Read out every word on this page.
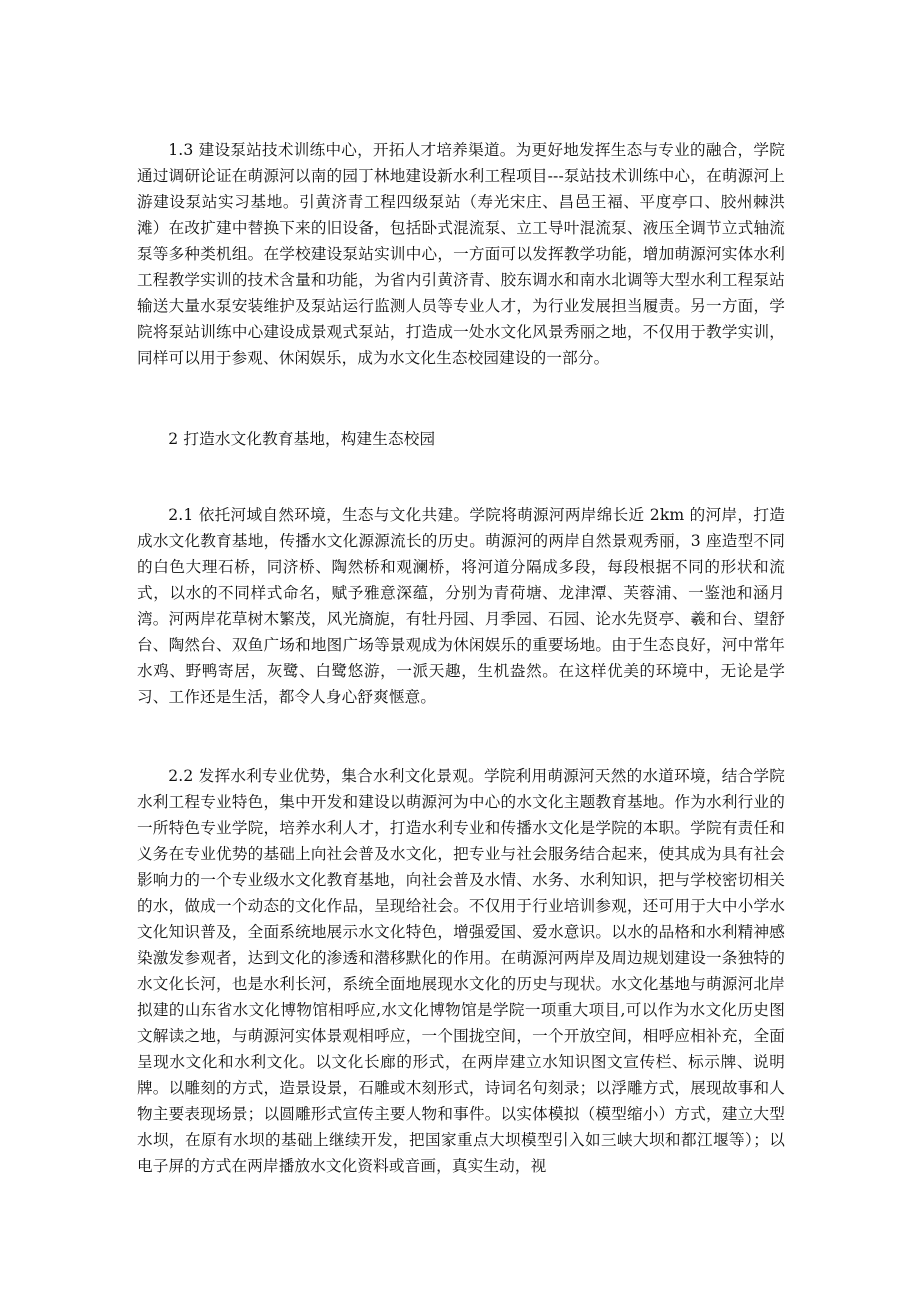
1.3 建设泵站技术训练中心，开拓人才培养渠道。为更好地发挥生态与专业的融合，学院通过调研论证在萌源河以南的园丁林地建设新水利工程项目---泵站技术训练中心，在萌源河上游建设泵站实习基地。引黄济青工程四级泵站（寿光宋庄、昌邑王褔、平度亭口、胶州棘洪滩）在改扩建中替换下来的旧设备，包括卧式混流泵、立工导叶混流泵、液压全调节立式轴流泵等多种类机组。在学校建设泵站实训中心，一方面可以发挥教学功能，增加萌源河实体水利工程教学实训的技术含量和功能，为省内引黄济青、胶东调水和南水北调等大型水利工程泵站输送大量水泵安装维护及泵站运行监测人员等专业人才，为行业发展担当履责。另一方面，学院将泵站训练中心建设成景观式泵站，打造成一处水文化风景秀丽之地，不仅用于教学实训，同样可以用于参观、休闲娱乐，成为水文化生态校园建设的一部分。

2 打造水文化教育基地，构建生态校园

2.1 依托河域自然环境，生态与文化共建。学院将萌源河两岸绵长近 2km 的河岸，打造成水文化教育基地，传播水文化源源流长的历史。萌源河的两岸自然景观秀丽，3 座造型不同的白色大理石桥，同济桥、陶然桥和观澜桥，将河道分隔成多段，每段根据不同的形状和流式，以水的不同样式命名，赋予雅意深蕴，分别为青荷塘、龙津潭、芙蓉浦、一鉴池和涵月湾。河两岸花草树木繁茂，风光旖旎，有牡丹园、月季园、石园、论水先贤亭、羲和台、望舒台、陶然台、双鱼广场和地图广场等景观成为休闲娱乐的重要场地。由于生态良好，河中常年水鸡、野鸭寄居，灰鹭、白鹭悠游，一派天趣，生机盎然。在这样优美的环境中，无论是学习、工作还是生活，都令人身心舒爽惬意。

2.2 发挥水利专业优势，集合水利文化景观。学院利用萌源河天然的水道环境，结合学院水利工程专业特色，集中开发和建设以萌源河为中心的水文化主题教育基地。作为水利行业的一所特色专业学院，培养水利人才，打造水利专业和传播水文化是学院的本职。学院有责任和义务在专业优势的基础上向社会普及水文化，把专业与社会服务结合起来，使其成为具有社会影响力的一个专业级水文化教育基地，向社会普及水情、水务、水利知识，把与学校密切相关的水，做成一个动态的文化作品，呈现给社会。不仅用于行业培训参观，还可用于大中小学水文化知识普及，全面系统地展示水文化特色，增强爱国、爱水意识。以水的品格和水利精神感染激发参观者，达到文化的渗透和潜移默化的作用。在萌源河两岸及周边规划建设一条独特的水文化长河，也是水利长河，系统全面地展现水文化的历史与现状。水文化基地与萌源河北岸拟建的山东省水文化博物馆相呼应,水文化博物馆是学院一项重大项目,可以作为水文化历史图文解读之地，与萌源河实体景观相呼应，一个围拢空间，一个开放空间，相呼应相补充，全面呈现水文化和水利文化。以文化长廊的形式，在两岸建立水知识图文宣传栏、标示牌、说明牌。以雕刻的方式，造景设景，石雕或木刻形式，诗词名句刻录；以浮雕方式，展现故事和人物主要表现场景；以圆雕形式宣传主要人物和事件。以实体模拟（模型缩小）方式，建立大型水坝，在原有水坝的基础上继续开发，把国家重点大坝模型引入如三峡大坝和都江堰等）；以电子屏的方式在两岸播放水文化资料或音画，真实生动，视
